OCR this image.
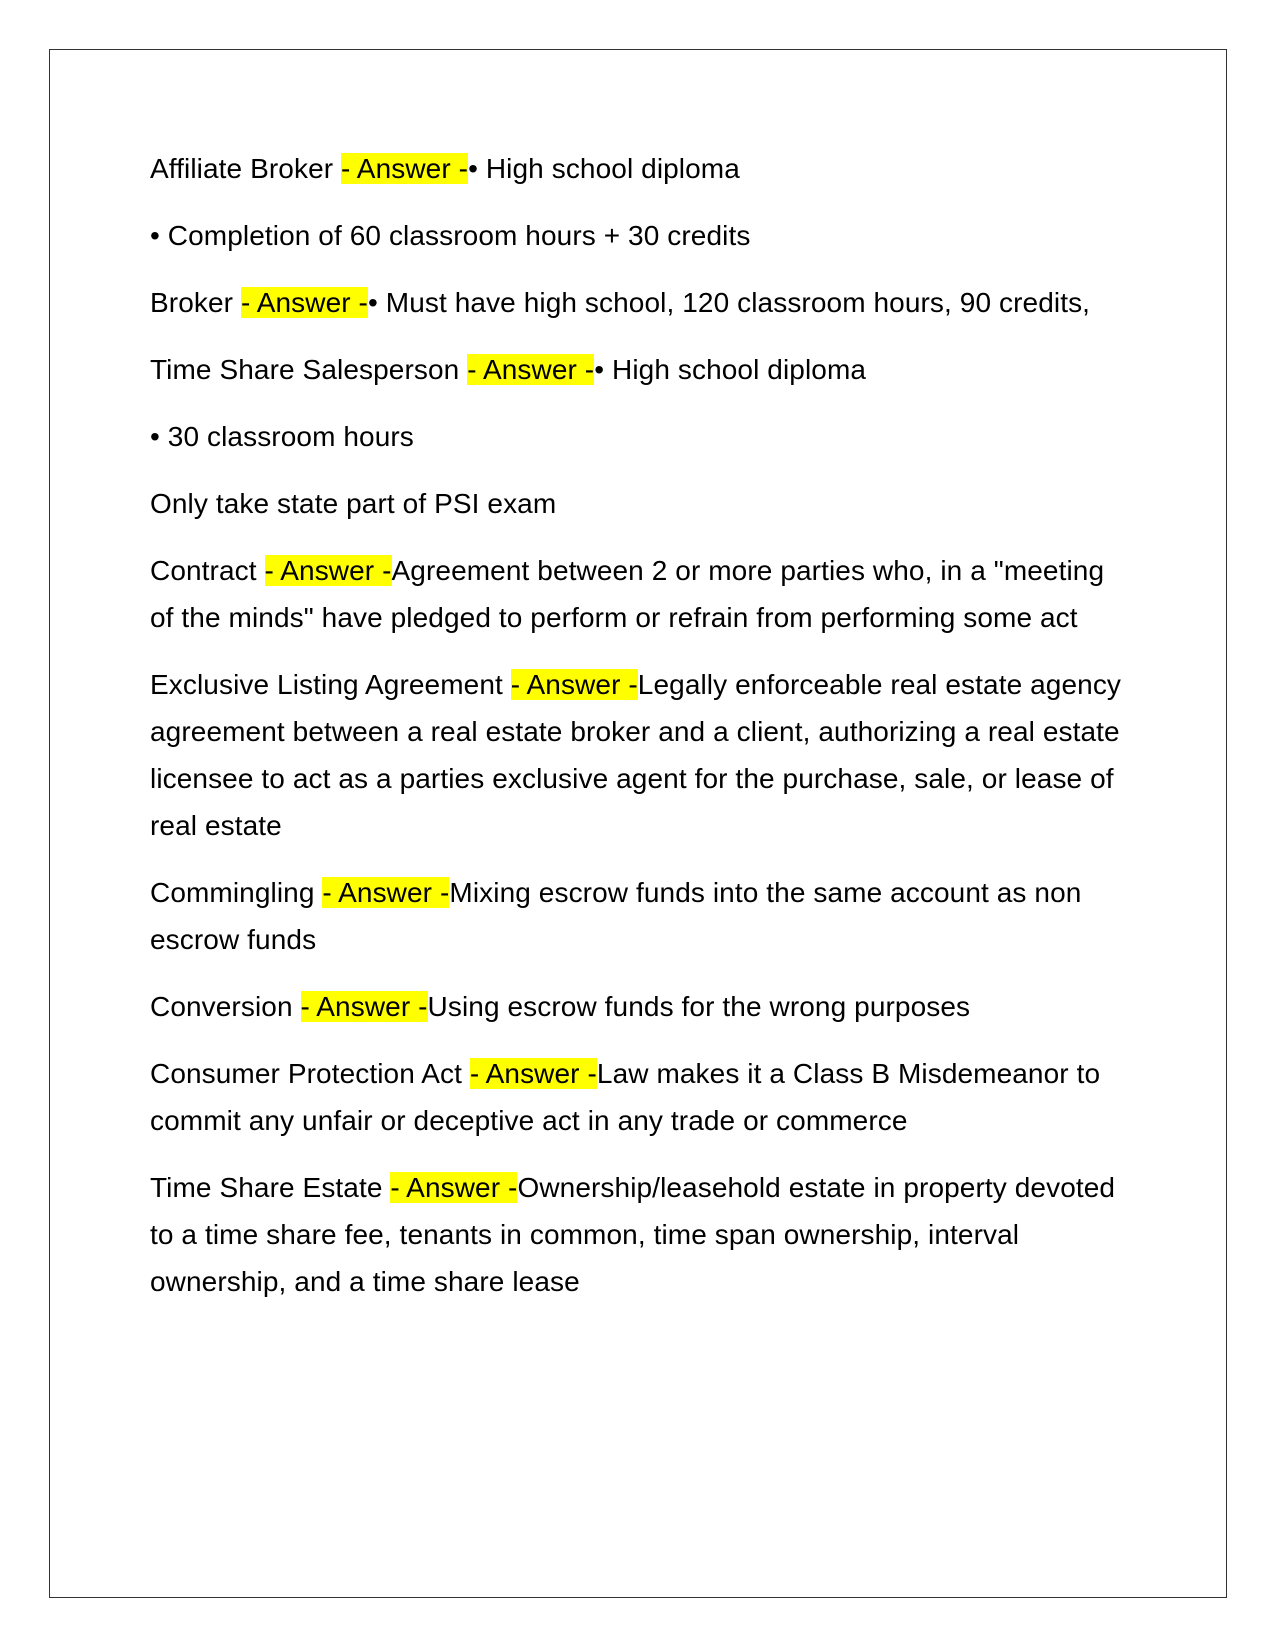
Affiliate Broker - Answer -• High school diploma

• Completion of 60 classroom hours + 30 credits

Broker - Answer -• Must have high school, 120 classroom hours, 90 credits,

Time Share Salesperson - Answer -• High school diploma

• 30 classroom hours

Only take state part of PSI exam

Contract - Answer -Agreement between 2 or more parties who, in a "meeting of the minds" have pledged to perform or refrain from performing some act

Exclusive Listing Agreement - Answer -Legally enforceable real estate agency agreement between a real estate broker and a client, authorizing a real estate licensee to act as a parties exclusive agent for the purchase, sale, or lease of real estate

Commingling - Answer -Mixing escrow funds into the same account as non escrow funds

Conversion - Answer -Using escrow funds for the wrong purposes

Consumer Protection Act - Answer -Law makes it a Class B Misdemeanor to commit any unfair or deceptive act in any trade or commerce

Time Share Estate - Answer -Ownership/leasehold estate in property devoted to a time share fee, tenants in common, time span ownership, interval ownership, and a time share lease
